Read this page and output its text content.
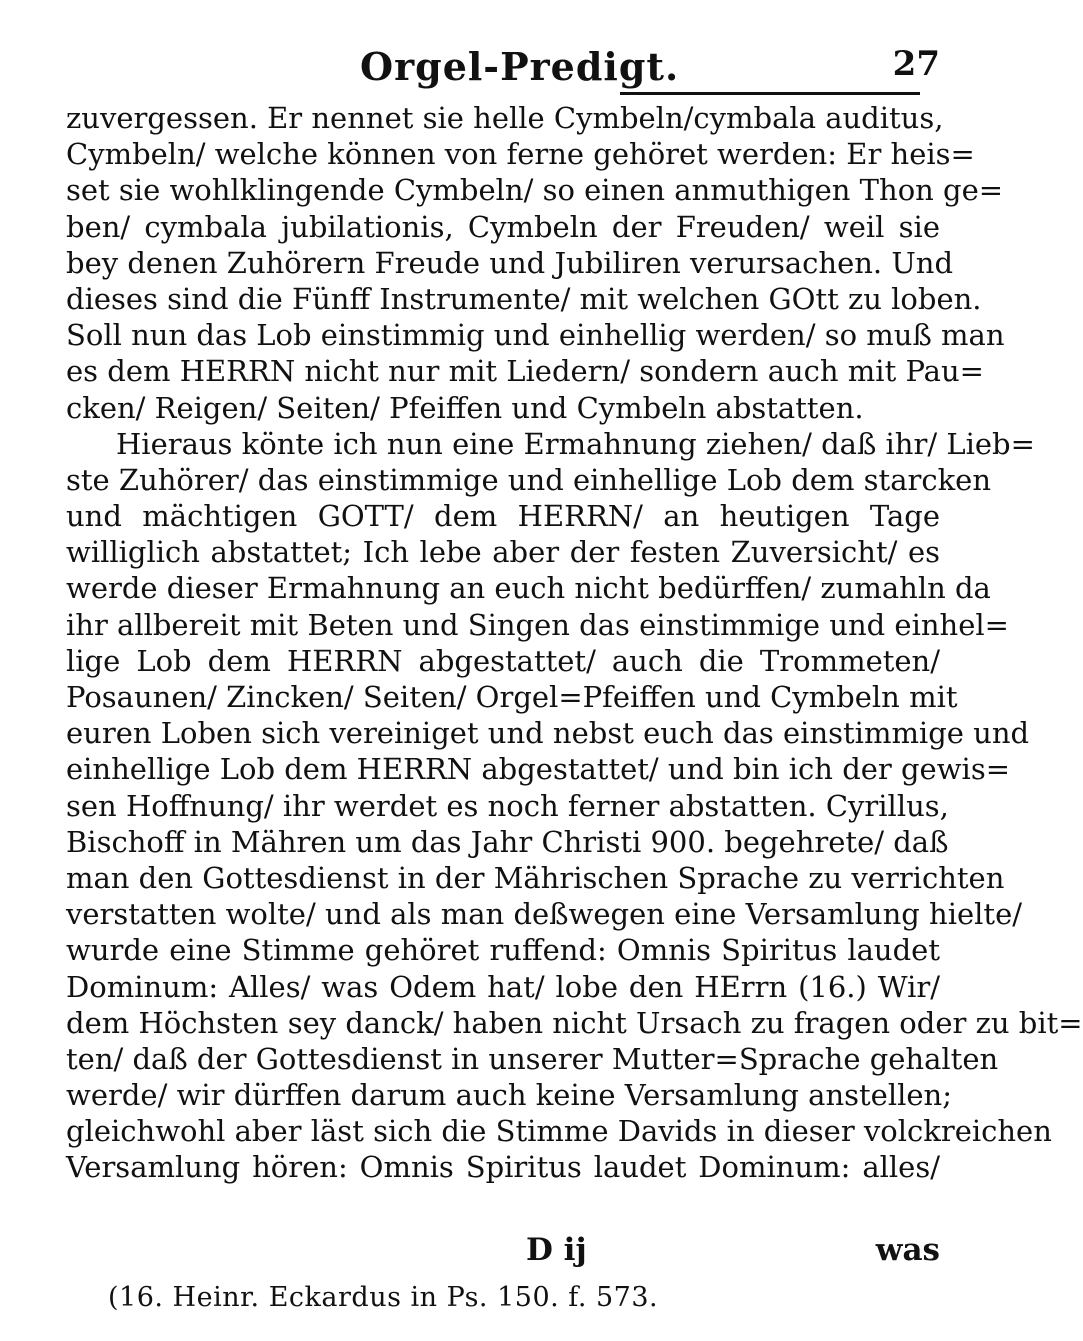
Orgel-Predigt.	27
zuvergessen. Er nennet sie helle Cymbeln/cymbala auditus,
Cymbeln/ welche können von ferne gehöret werden: Er heis=
set sie wohlklingende Cymbeln/ so einen anmuthigen Thon ge=
ben/ cymbala jubilationis, Cymbeln der Freuden/ weil sie
bey denen Zuhörern Freude und Jubiliren verursachen. Und
dieses sind die Fünff Instrumente/ mit welchen GOtt zu loben.
Soll nun das Lob einstimmig und einhellig werden/ so muß man
es dem HERRN nicht nur mit Liedern/ sondern auch mit Pau=
cken/ Reigen/ Seiten/ Pfeiffen und Cymbeln abstatten.
Hieraus könte ich nun eine Ermahnung ziehen/ daß ihr/ Lieb=
ste Zuhörer/ das einstimmige und einhellige Lob dem starcken
und mächtigen GOTT/ dem HERRN/ an heutigen Tage
williglich abstattet; Ich lebe aber der festen Zuversicht/ es
werde dieser Ermahnung an euch nicht bedürffen/ zumahln da
ihr allbereit mit Beten und Singen das einstimmige und einhel=
lige Lob dem HERRN abgestattet/ auch die Trommeten/
Posaunen/ Zincken/ Seiten/ Orgel=Pfeiffen und Cymbeln mit
euren Loben sich vereiniget und nebst euch das einstimmige und
einhellige Lob dem HERRN abgestattet/ und bin ich der gewis=
sen Hoffnung/ ihr werdet es noch ferner abstatten. Cyrillus,
Bischoff in Mähren um das Jahr Christi 900. begehrete/ daß
man den Gottesdienst in der Mährischen Sprache zu verrichten
verstatten wolte/ und als man deßwegen eine Versamlung hielte/
wurde eine Stimme gehöret ruffend: Omnis Spiritus laudet
Dominum: Alles/ was Odem hat/ lobe den HErrn (16.) Wir/
dem Höchsten sey danck/ haben nicht Ursach zu fragen oder zu bit=
ten/ daß der Gottesdienst in unserer Mutter=Sprache gehalten
werde/ wir dürffen darum auch keine Versamlung anstellen;
gleichwohl aber läst sich die Stimme Davids in dieser volckreichen
Versamlung hören: Omnis Spiritus laudet Dominum: alles/
D ij	was
(16. Heinr. Eckardus in Ps. 150. f. 573.
